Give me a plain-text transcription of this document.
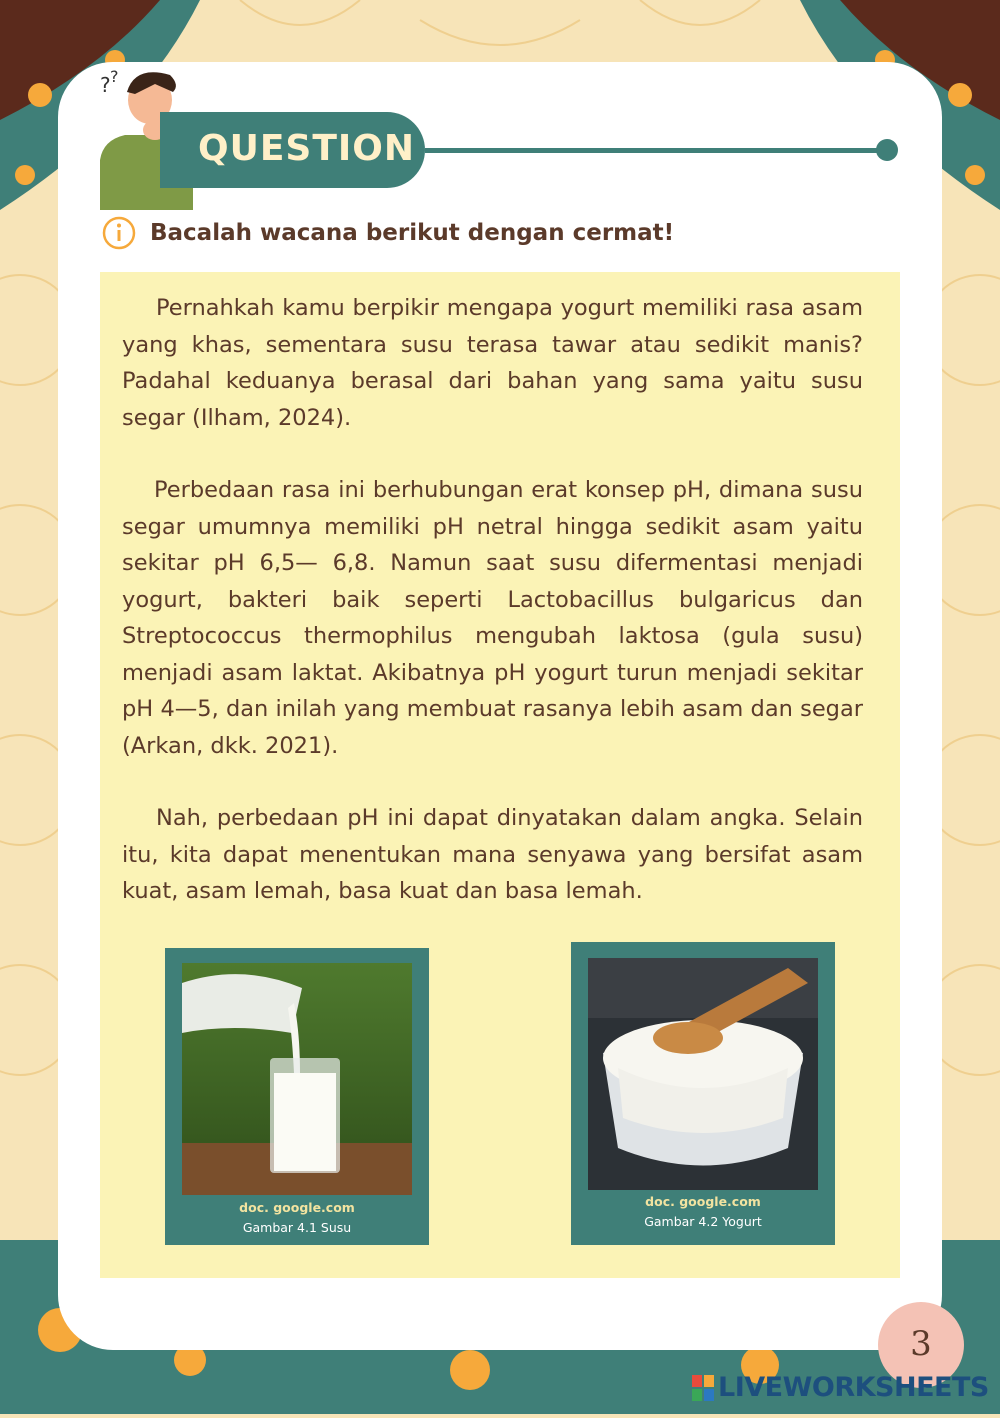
? ?
QUESTION
Bacalah wacana berikut dengan cermat!

Pernahkah kamu berpikir mengapa yogurt memiliki rasa asam yang khas, sementara susu terasa tawar atau sedikit manis? Padahal keduanya berasal dari bahan yang sama yaitu susu segar (Ilham, 2024).

Perbedaan rasa ini berhubungan erat konsep pH, dimana susu segar umumnya memiliki pH netral hingga sedikit asam yaitu sekitar pH 6,5— 6,8. Namun saat susu difermentasi menjadi yogurt, bakteri baik seperti Lactobacillus bulgaricus dan Streptococcus thermophilus mengubah laktosa (gula susu) menjadi asam laktat. Akibatnya pH yogurt turun menjadi sekitar pH 4—5, dan inilah yang membuat rasanya lebih asam dan segar (Arkan, dkk. 2021).

Nah, perbedaan pH ini dapat dinyatakan dalam angka. Selain itu, kita dapat menentukan mana senyawa yang bersifat asam kuat, asam lemah, basa kuat dan basa lemah.

doc. google.com
Gambar 4.1 Susu
doc. google.com
Gambar 4.2 Yogurt
3
LIVEWORKSHEETS
